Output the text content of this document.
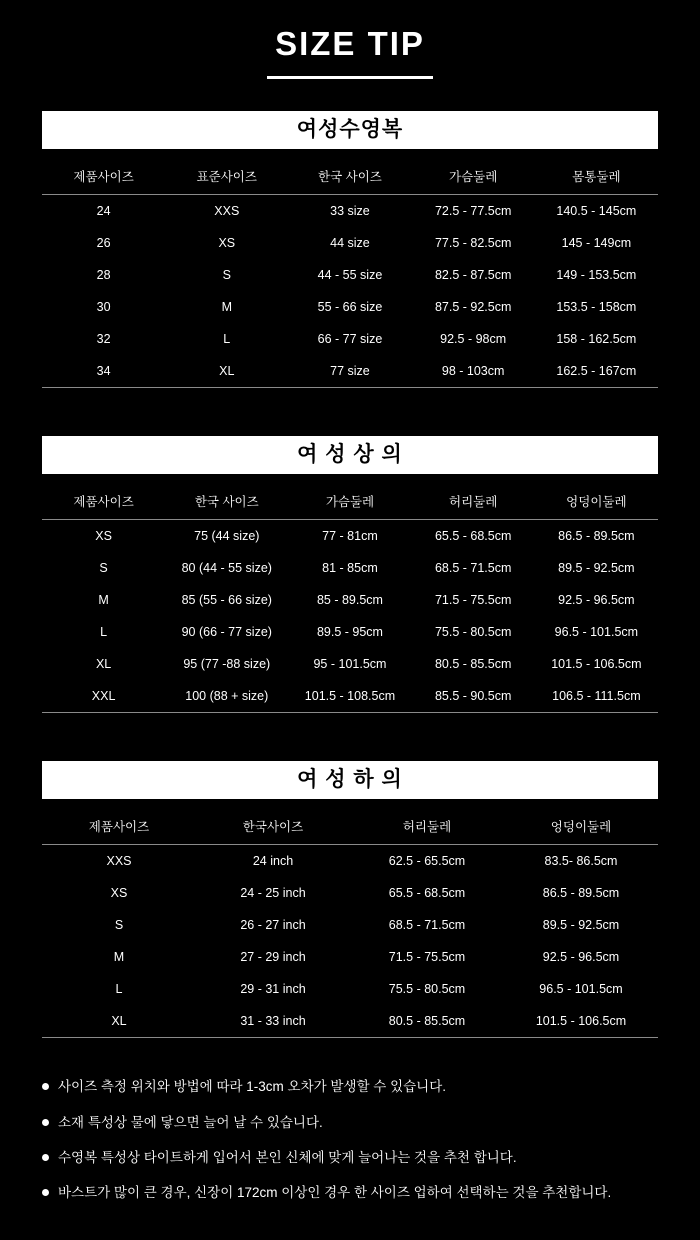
SIZE TIP
여성수영복
제품사이즈	표준사이즈	한국 사이즈	가슴둘레	몸통둘레
24	XXS	33 size	72.5 - 77.5cm	140.5 - 145cm
26	XS	44 size	77.5 - 82.5cm	145 - 149cm
28	S	44 - 55 size	82.5 - 87.5cm	149 - 153.5cm
30	M	55 - 66 size	87.5 - 92.5cm	153.5 - 158cm
32	L	66 - 77 size	92.5 - 98cm	158 - 162.5cm
34	XL	77 size	98 - 103cm	162.5 - 167cm
여 성 상 의
제품사이즈	한국 사이즈	가슴둘레	허리둘레	엉덩이둘레
XS	75 (44 size)	77 - 81cm	65.5 - 68.5cm	86.5 - 89.5cm
S	80 (44 - 55 size)	81 - 85cm	68.5 - 71.5cm	89.5 - 92.5cm
M	85 (55 - 66 size)	85 - 89.5cm	71.5 - 75.5cm	92.5 - 96.5cm
L	90 (66 - 77 size)	89.5 - 95cm	75.5 - 80.5cm	96.5 - 101.5cm
XL	95 (77 -88 size)	95 - 101.5cm	80.5 - 85.5cm	101.5 - 106.5cm
XXL	100 (88 + size)	101.5 - 108.5cm	85.5 - 90.5cm	106.5 - 111.5cm
여 성 하 의
제품사이즈	한국사이즈	허리둘레	엉덩이둘레
XXS	24 inch	62.5 - 65.5cm	83.5- 86.5cm
XS	24 - 25 inch	65.5 - 68.5cm	86.5 - 89.5cm
S	26 - 27 inch	68.5 - 71.5cm	89.5 - 92.5cm
M	27 - 29 inch	71.5 - 75.5cm	92.5 - 96.5cm
L	29 - 31 inch	75.5 - 80.5cm	96.5 - 101.5cm
XL	31 - 33 inch	80.5 - 85.5cm	101.5 - 106.5cm
사이즈 측정 위치와 방법에 따라 1-3cm 오차가 발생할 수 있습니다.
소재 특성상 물에 닿으면 늘어 날 수 있습니다.
수영복 특성상 타이트하게 입어서 본인 신체에 맞게 늘어나는 것을 추천 합니다.
바스트가 많이 큰 경우, 신장이 172cm 이상인 경우 한 사이즈 업하여 선택하는 것을 추천합니다.
